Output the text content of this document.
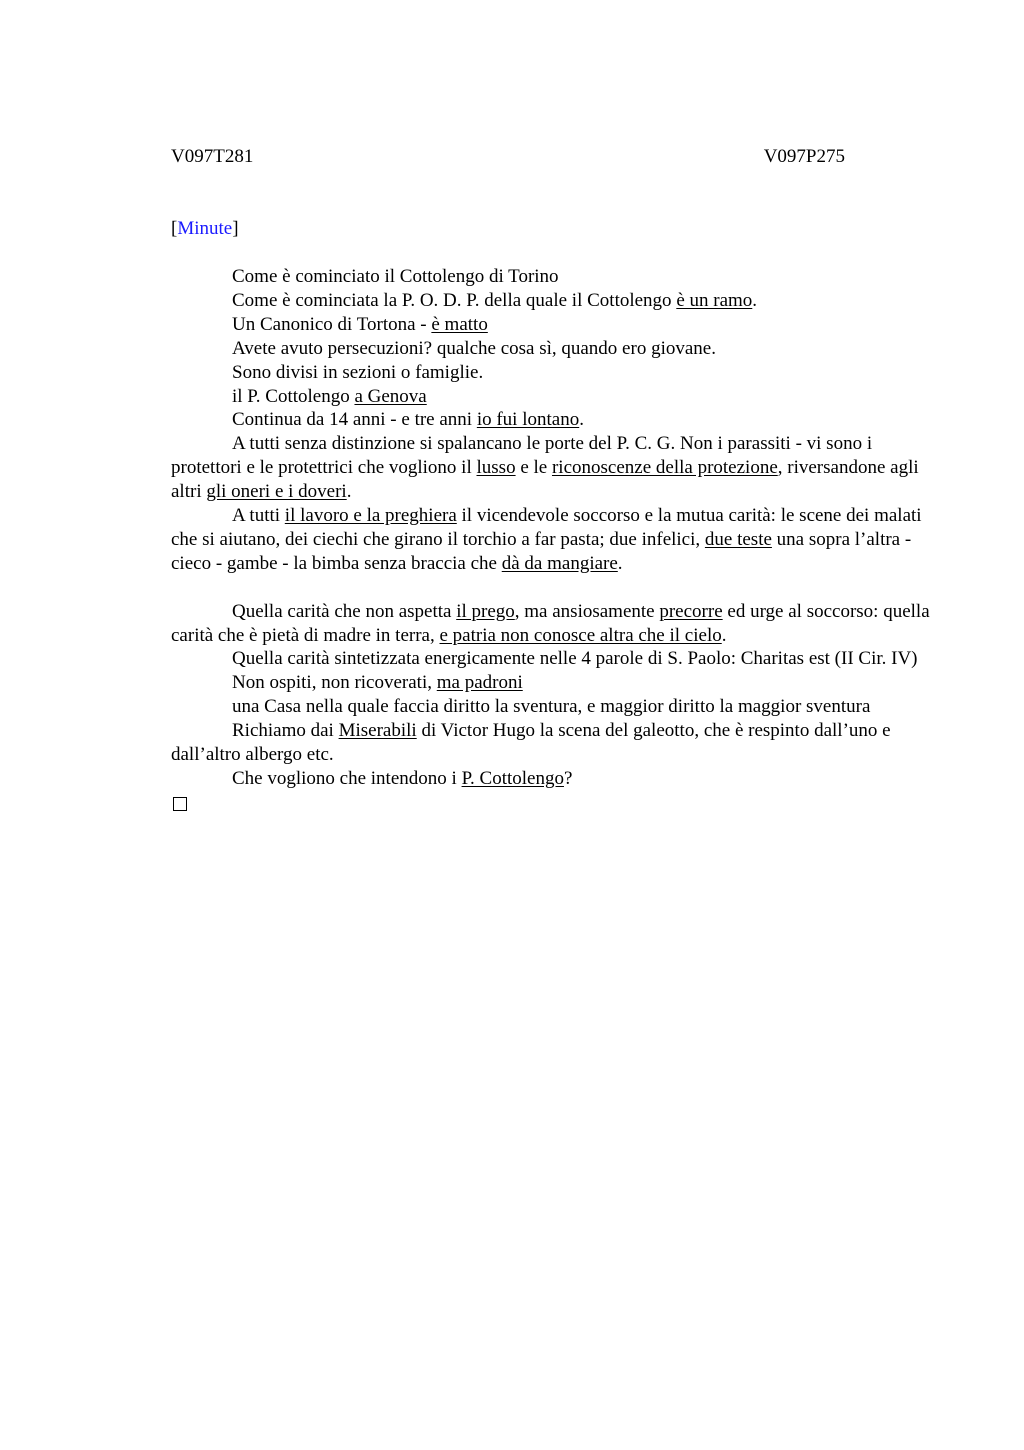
V097T281	V097P275
[Minute]

Come è cominciato il Cottolengo di Torino

Come è cominciata la P. O. D. P. della quale il Cottolengo è un ramo.

Un Canonico di Tortona - è matto

Avete avuto persecuzioni? qualche cosa sì, quando ero giovane.

Sono divisi in sezioni o famiglie.

il P. Cottolengo a Genova

Continua da 14 anni - e tre anni io fui lontano.

A tutti senza distinzione si spalancano le porte del P. C. G. Non i parassiti - vi sono i protettori e le protettrici che vogliono il lusso e le riconoscenze della protezione, riversandone agli altri gli oneri e i doveri.

A tutti il lavoro e la preghiera il vicendevole soccorso e la mutua carità: le scene dei malati che si aiutano, dei ciechi che girano il torchio a far pasta; due infelici, due teste una sopra l’altra - cieco - gambe - la bimba senza braccia che dà da mangiare.

Quella carità che non aspetta il prego, ma ansiosamente precorre ed urge al soccorso: quella carità che è pietà di madre in terra, e patria non conosce altra che il cielo.

Quella carità sintetizzata energicamente nelle 4 parole di S. Paolo: Charitas est (II Cir. IV)

Non ospiti, non ricoverati, ma padroni

una Casa nella quale faccia diritto la sventura, e maggior diritto la maggior sventura

Richiamo dai Miserabili di Victor Hugo la scena del galeotto, che è respinto dall’uno e dall’altro albergo etc.

Che vogliono che intendono i P. Cottolengo?
